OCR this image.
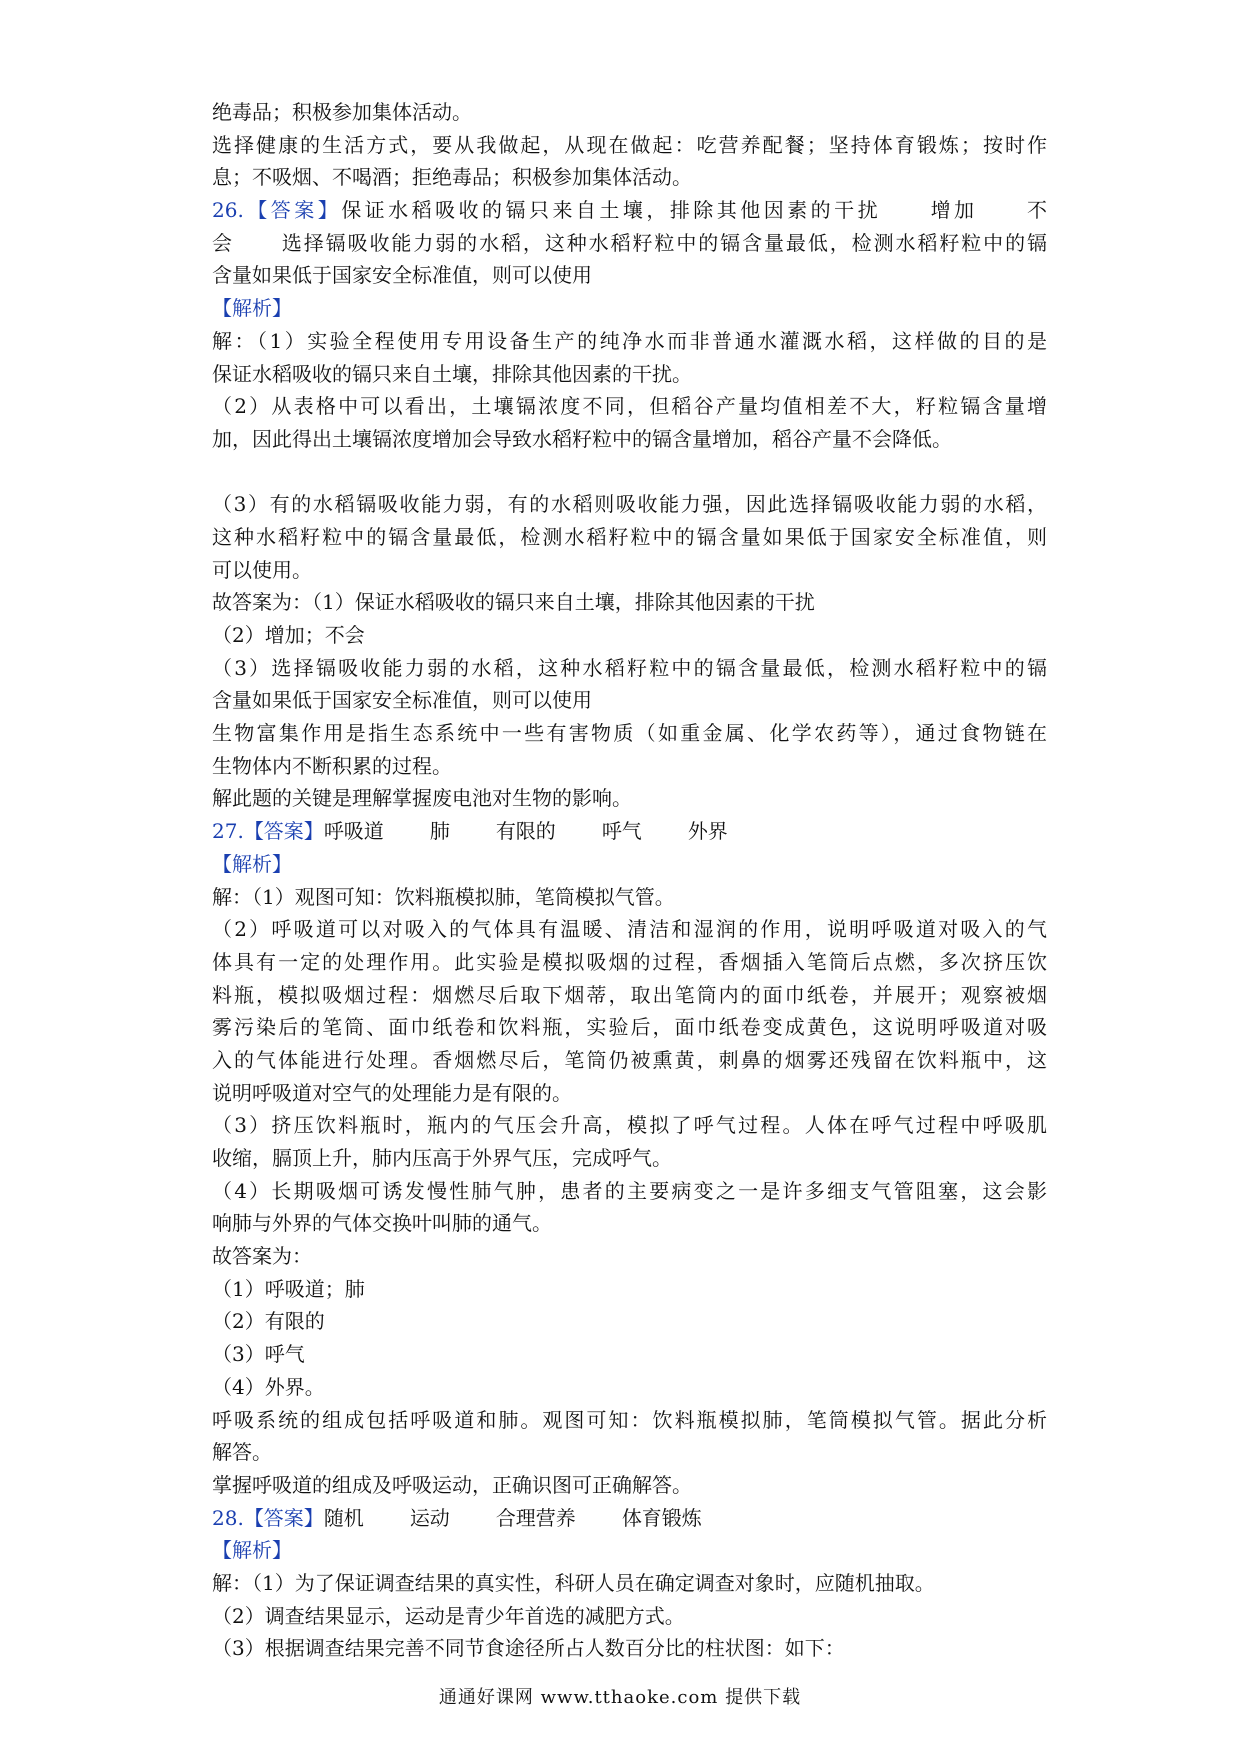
绝毒品；积极参加集体活动。
选择健康的生活方式，要从我做起，从现在做起：吃营养配餐；坚持体育锻炼；按时作
息；不吸烟、不喝酒；拒绝毒品；积极参加集体活动。
26.【答案】保证水稻吸收的镉只来自土壤，排除其他因素的干扰 增加 不
会 选择镉吸收能力弱的水稻，这种水稻籽粒中的镉含量最低，检测水稻籽粒中的镉
含量如果低于国家安全标准值，则可以使用
【解析】
解：（1）实验全程使用专用设备生产的纯净水而非普通水灌溉水稻，这样做的目的是
保证水稻吸收的镉只来自土壤，排除其他因素的干扰。
（2）从表格中可以看出，土壤镉浓度不同，但稻谷产量均值相差不大，籽粒镉含量增
加，因此得出土壤镉浓度增加会导致水稻籽粒中的镉含量增加，稻谷产量不会降低。
（3）有的水稻镉吸收能力弱，有的水稻则吸收能力强，因此选择镉吸收能力弱的水稻，
这种水稻籽粒中的镉含量最低，检测水稻籽粒中的镉含量如果低于国家安全标准值，则
可以使用。
故答案为：（1）保证水稻吸收的镉只来自土壤，排除其他因素的干扰
（2）增加；不会
（3）选择镉吸收能力弱的水稻，这种水稻籽粒中的镉含量最低，检测水稻籽粒中的镉
含量如果低于国家安全标准值，则可以使用
生物富集作用是指生态系统中一些有害物质（如重金属、化学农药等），通过食物链在
生物体内不断积累的过程。
解此题的关键是理解掌握废电池对生物的影响。
27.【答案】呼吸道 肺 有限的 呼气 外界
【解析】
解：（1）观图可知：饮料瓶模拟肺，笔筒模拟气管。
（2）呼吸道可以对吸入的气体具有温暖、清洁和湿润的作用，说明呼吸道对吸入的气
体具有一定的处理作用。此实验是模拟吸烟的过程，香烟插入笔筒后点燃，多次挤压饮
料瓶，模拟吸烟过程：烟燃尽后取下烟蒂，取出笔筒内的面巾纸卷，并展开；观察被烟
雾污染后的笔筒、面巾纸卷和饮料瓶，实验后，面巾纸卷变成黄色，这说明呼吸道对吸
入的气体能进行处理。香烟燃尽后，笔筒仍被熏黄，刺鼻的烟雾还残留在饮料瓶中，这
说明呼吸道对空气的处理能力是有限的。
（3）挤压饮料瓶时，瓶内的气压会升高，模拟了呼气过程。人体在呼气过程中呼吸肌
收缩，膈顶上升，肺内压高于外界气压，完成呼气。
（4）长期吸烟可诱发慢性肺气肿，患者的主要病变之一是许多细支气管阻塞，这会影
响肺与外界的气体交换叶叫肺的通气。
故答案为：
（1）呼吸道；肺
（2）有限的
（3）呼气
（4）外界。
呼吸系统的组成包括呼吸道和肺。观图可知：饮料瓶模拟肺，笔筒模拟气管。据此分析
解答。
掌握呼吸道的组成及呼吸运动，正确识图可正确解答。
28.【答案】随机 运动 合理营养 体育锻炼
【解析】
解：（1）为了保证调查结果的真实性，科研人员在确定调查对象时，应随机抽取。
（2）调查结果显示，运动是青少年首选的减肥方式。
（3）根据调查结果完善不同节食途径所占人数百分比的柱状图：如下：
通通好课网 www.tthaoke.com 提供下载
